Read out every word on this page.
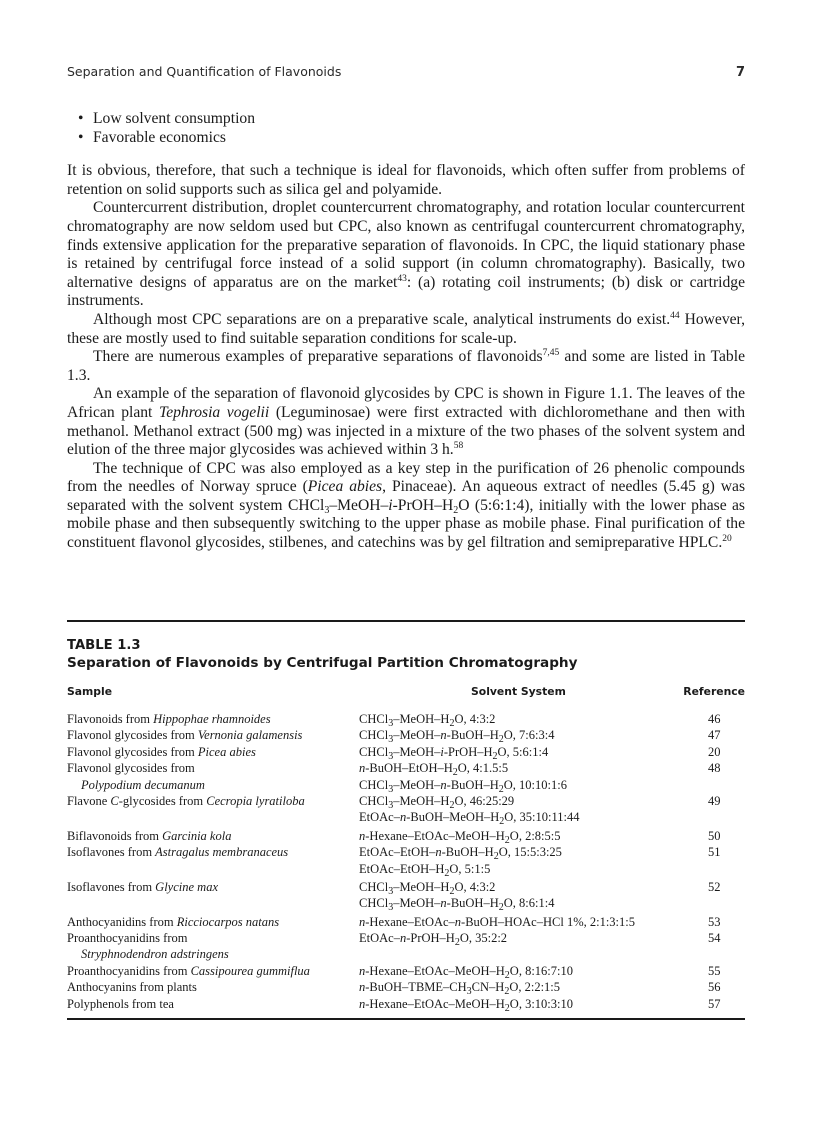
Separation and Quantification of Flavonoids	7
• Low solvent consumption
• Favorable economics

It is obvious, therefore, that such a technique is ideal for flavonoids, which often suffer from problems of retention on solid supports such as silica gel and polyamide.

Countercurrent distribution, droplet countercurrent chromatography, and rotation locular countercurrent chromatography are now seldom used but CPC, also known as centrifugal countercurrent chromatography, finds extensive application for the preparative separation of flavonoids. In CPC, the liquid stationary phase is retained by centrifugal force instead of a solid support (in column chromatography). Basically, two alternative designs of apparatus are on the market$^{43}$: (a) rotating coil instruments; (b) disk or cartridge instruments.

Although most CPC separations are on a preparative scale, analytical instruments do exist.$^{44}$ However, these are mostly used to find suitable separation conditions for scale-up.

There are numerous examples of preparative separations of flavonoids$^{7,45}$ and some are listed in Table 1.3.

An example of the separation of flavonoid glycosides by CPC is shown in Figure 1.1. The leaves of the African plant Tephrosia vogelii (Leguminosae) were first extracted with dichloromethane and then with methanol. Methanol extract (500 mg) was injected in a mixture of the two phases of the solvent system and elution of the three major glycosides was achieved within 3 h.$^{58}$

The technique of CPC was also employed as a key step in the purification of 26 phenolic compounds from the needles of Norway spruce (Picea abies, Pinaceae). An aqueous extract of needles (5.45 g) was separated with the solvent system $CHCl_3-MeOH-i-PrOH-H_2O$ (5:6:1:4), initially with the lower phase as mobile phase and then subsequently switching to the upper phase as mobile phase. Final purification of the constituent flavonol glycosides, stilbenes, and catechins was by gel filtration and semipreparative HPLC.$^{20}$

TABLE 1.3
Separation of Flavonoids by Centrifugal Partition Chromatography
Sample	Solvent System	Reference
Flavonoids from Hippophae rhamnoides	$CHCl_3-MeOH-H_2O$, 4:3:2	46
Flavonol glycosides from Vernonia galamensis	$CHCl_3-MeOH-n-BuOH-H_2O$, 7:6:3:4	47
Flavonol glycosides from Picea abies	$CHCl_3-MeOH-i-PrOH-H_2O$, 5:6:1:4	20
Flavonol glycosides from	$n-BuOH-EtOH-H_2O$, 4:1.5:5	48
Polypodium decumanum	$CHCl_3-MeOH-n-BuOH-H_2O$, 10:10:1:6
Flavone C-glycosides from Cecropia lyratiloba	$CHCl_3-MeOH-H_2O$, 46:25:29	49
EtOAc–$n-BuOH-MeOH-H_2O$, 35:10:11:44
Biflavonoids from Garcinia kola	$n-Hexane-EtOAc-MeOH-H_2O$, 2:8:5:5	50
Isoflavones from Astragalus membranaceus	EtOAc–$EtOH-n-BuOH-H_2O$, 15:5:3:25	51
EtOAc–$EtOH-H_2O$, 5:1:5
Isoflavones from Glycine max	$CHCl_3-MeOH-H_2O$, 4:3:2	52
$CHCl_3-MeOH-n-BuOH-H_2O$, 8:6:1:4
Anthocyanidins from Ricciocarpos natans	n-Hexane–EtOAc–n-BuOH–HOAc–HCl 1%, 2:1:3:1:5	53
Proanthocyanidins from	EtOAc–$n-PrOH-H_2O$, 35:2:2	54
Stryphnodendron adstringens
Proanthocyanidins from Cassipourea gummiflua	$n-Hexane-EtOAc-MeOH-H_2O$, 8:16:7:10	55
Anthocyanins from plants	$n-BuOH-TBME-CH_3CN-H_2O$, 2:2:1:5	56
Polyphenols from tea	$n-Hexane-EtOAc-MeOH-H_2O$, 3:10:3:10	57
